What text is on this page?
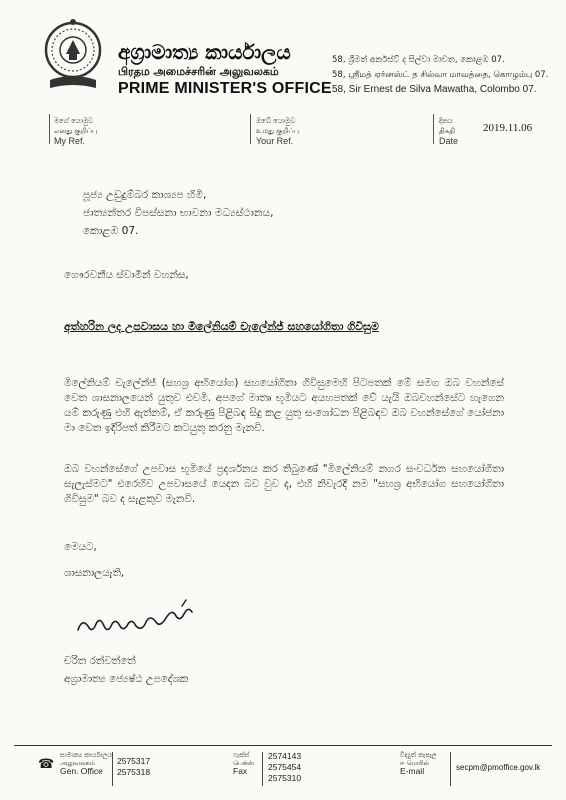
අග්‍රාමාත්‍ය කාර්යාලය
பிரதம அமைச்சரின் அலுவலகம்
PRIME MINISTER'S OFFICE
58, ශ්‍රීමත් අර්නස්ට් ද සිල්වා මාවත, කොළඹ 07.
58, ஸ்ரீமத் ஏர்னஸ்ட் த சில்வா மாவத்தை, கொழும்பு 07.
58, Sir Ernest de Silva Mawatha, Colombo 07.
මගේ යොමුව
எனது குறிப்பு
My Ref.
ඔබේ යොමුව
உமது குறிப்பு
Your Ref.
දිනය
திகதி
Date
2019.11.06
පූජ්‍ය උඩුදුම්බර කාශ්‍යප හිමි,
ජාත්‍යන්තර විපස්සනා භාවනා මධ්‍යස්ථානය,
කොළඹ 07.
ගෞරවනීය ස්වාමීන් වහන්ස,
අත්හරින ලද උපවාසය හා මිලේනියම් චැලේන්ජ් සහයෝගිතා ගිවිසුම
මිලේනියම් චැලේන්ජ් (සහශ්‍ර අභියෝග) සහයෝගිතා ගිවිසුමෙහි පිටපතක් මේ සමග ඔබ වහන්සේ වෙත ශාසනාලයෙන් යුතුව එවමි. අපගේ මාතෘ භූමියට අයහපතක් වේ යැයි ඔබවහන්සේට හැගෙන යම් කරුණු එහි ඇත්නම්, ඒ කරුණු පිළිබඳ සිදු කළ යුතු සංශෝධන පිළිබඳව ඔබ වහන්සේගේ යෝජනා මා වෙත ඉදිරිපත් කිරීමට කටයුතු කරනු මැනවි.
ඔබ වහන්සේගේ උපවාස භූමියේ ප්‍රදර්ශනය කර තිබුණේ "මිලේනියම් නගර සංවර්ධන සහයෝගිතා සැලැස්මට" එරෙහිව උපවාසයේ යෙදන බව වුව ද, එහි නිවැරදි නම "සහශ්‍ර අභියෝග සහයෝගිතා ගිවිසුම" බව ද සැළකුව මැනවි.
මෙයට,
ශාසනාලයැති,
චරිත රත්වත්තේ
අග්‍රාමාත්‍ය ජ්‍යෙෂ්ඨ උපදේශක
☎
සාමාන්‍ය කාර්යාලය
அலுவலகம்
Gen. Office
2575317
2575318
ෆැක්ස්
பெக்ஸ்
Fax
2574143
2575454
2575310
විද්‍යුත් තැපෑල
ஈ மெயில்
E-mail	secpm@pmoffice.gov.lk
